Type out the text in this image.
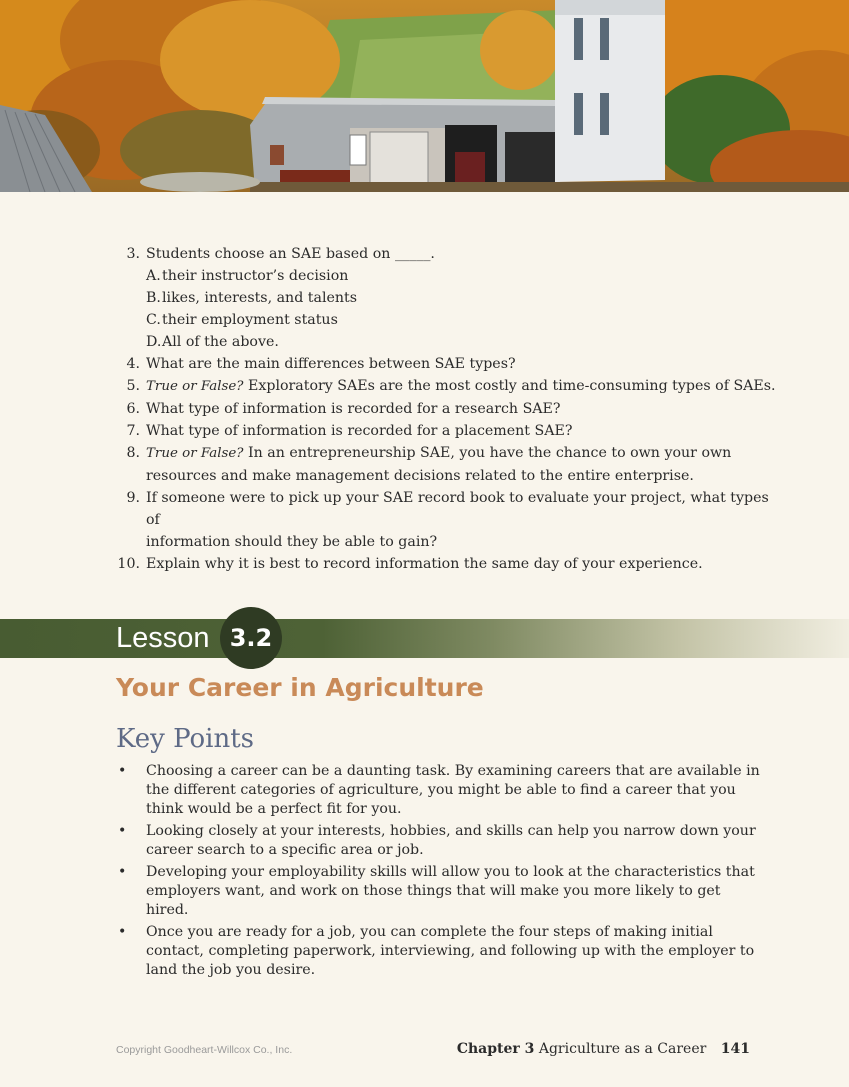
3. Students choose an SAE based on _____.
A. their instructor’s decision
B. likes, interests, and talents
C. their employment status
D. All of the above.
4. What are the main differences between SAE types?
5. True or False? Exploratory SAEs are the most costly and time-consuming types of SAEs.
6. What type of information is recorded for a research SAE?
7. What type of information is recorded for a placement SAE?
8. True or False? In an entrepreneurship SAE, you have the chance to own your own
resources and make management decisions related to the entire enterprise.
9. If someone were to pick up your SAE record book to evaluate your project, what types of
information should they be able to gain?
10. Explain why it is best to record information the same day of your experience.
Lesson 3.2
Your Career in Agriculture
Key Points
• Choosing a career can be a daunting task. By examining careers that are available in the different categories of agriculture, you might be able to find a career that you think would be a perfect fit for you.
• Looking closely at your interests, hobbies, and skills can help you narrow down your career search to a specific area or job.
• Developing your employability skills will allow you to look at the characteristics that employers want, and work on those things that will make you more likely to get hired.
• Once you are ready for a job, you can complete the four steps of making initial contact, completing paperwork, interviewing, and following up with the employer to land the job you desire.
Copyright Goodheart-Willcox Co., Inc.	Chapter 3 Agriculture as a Career 141
